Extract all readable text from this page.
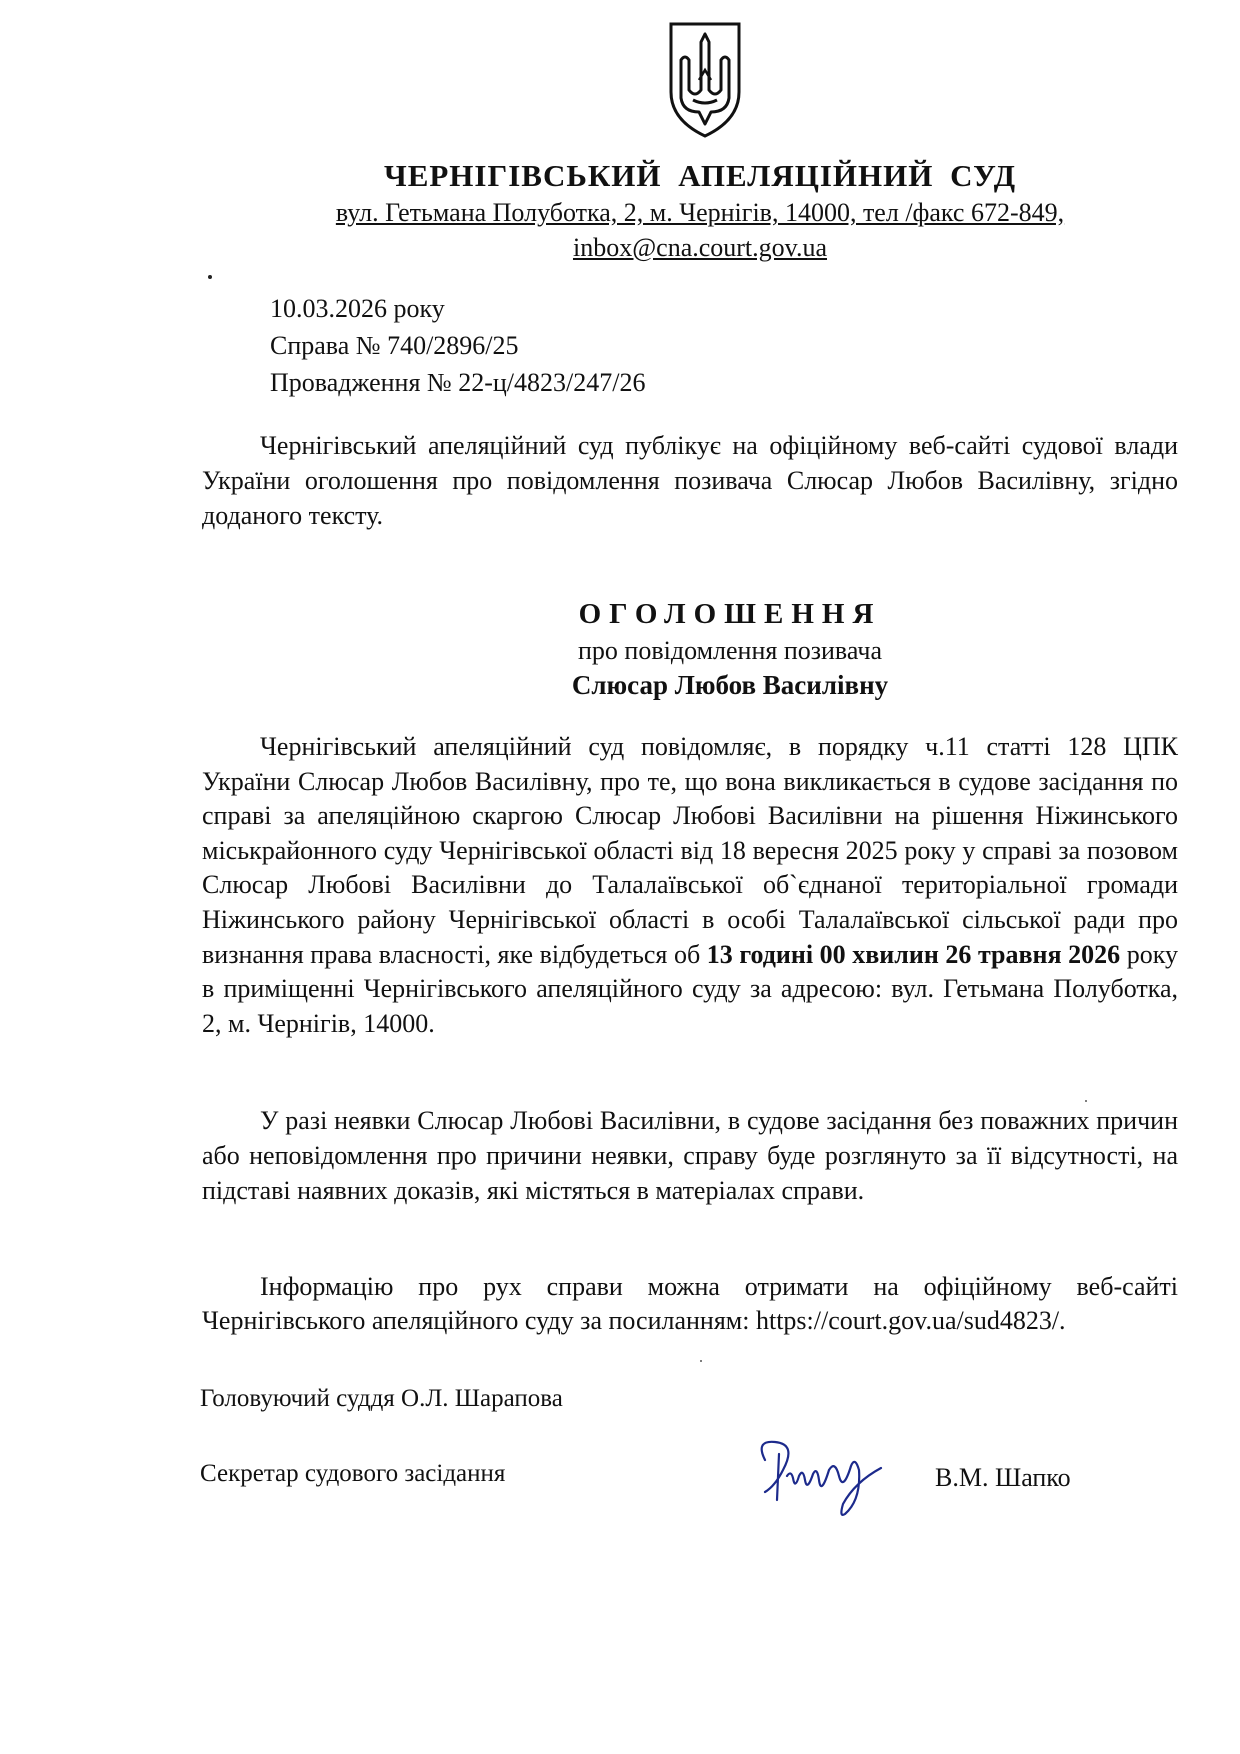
ЧЕРНІГІВСЬКИЙ АПЕЛЯЦІЙНИЙ СУД
вул. Гетьмана Полуботка, 2, м. Чернігів, 14000, тел /факс 672-849,
inbox@cna.court.gov.ua
10.03.2026 року
Справа № 740/2896/25
Провадження № 22-ц/4823/247/26
Чернігівський апеляційний суд публікує на офіційному веб-сайті судової влади України оголошення про повідомлення позивача Слюсар Любов Василівну, згідно доданого тексту.
ОГОЛОШЕННЯ
про повідомлення позивача
Слюсар Любов Василівну
Чернігівський апеляційний суд повідомляє, в порядку ч.11 статті 128 ЦПК України Слюсар Любов Василівну, про те, що вона викликається в судове засідання по справі за апеляційною скаргою Слюсар Любові Василівни на рішення Ніжинського міськрайонного суду Чернігівської області від 18 вересня 2025 року у справі за позовом Слюсар Любові Василівни до Талалаївської об`єднаної територіальної громади Ніжинського району Чернігівської області в особі Талалаївської сільської ради про визнання права власності, яке відбудеться об 13 годині 00 хвилин 26 травня 2026 року в приміщенні Чернігівського апеляційного суду за адресою: вул. Гетьмана Полуботка, 2, м. Чернігів, 14000.
У разі неявки Слюсар Любові Василівни, в судове засідання без поважних причин або неповідомлення про причини неявки, справу буде розглянуто за її відсутності, на підставі наявних доказів, які містяться в матеріалах справи.
Інформацію про рух справи можна отримати на офіційному веб-сайті Чернігівського апеляційного суду за посиланням: https://court.gov.ua/sud4823/.
Головуючий суддя О.Л. Шарапова
Секретар судового засідання	В.М. Шапко
